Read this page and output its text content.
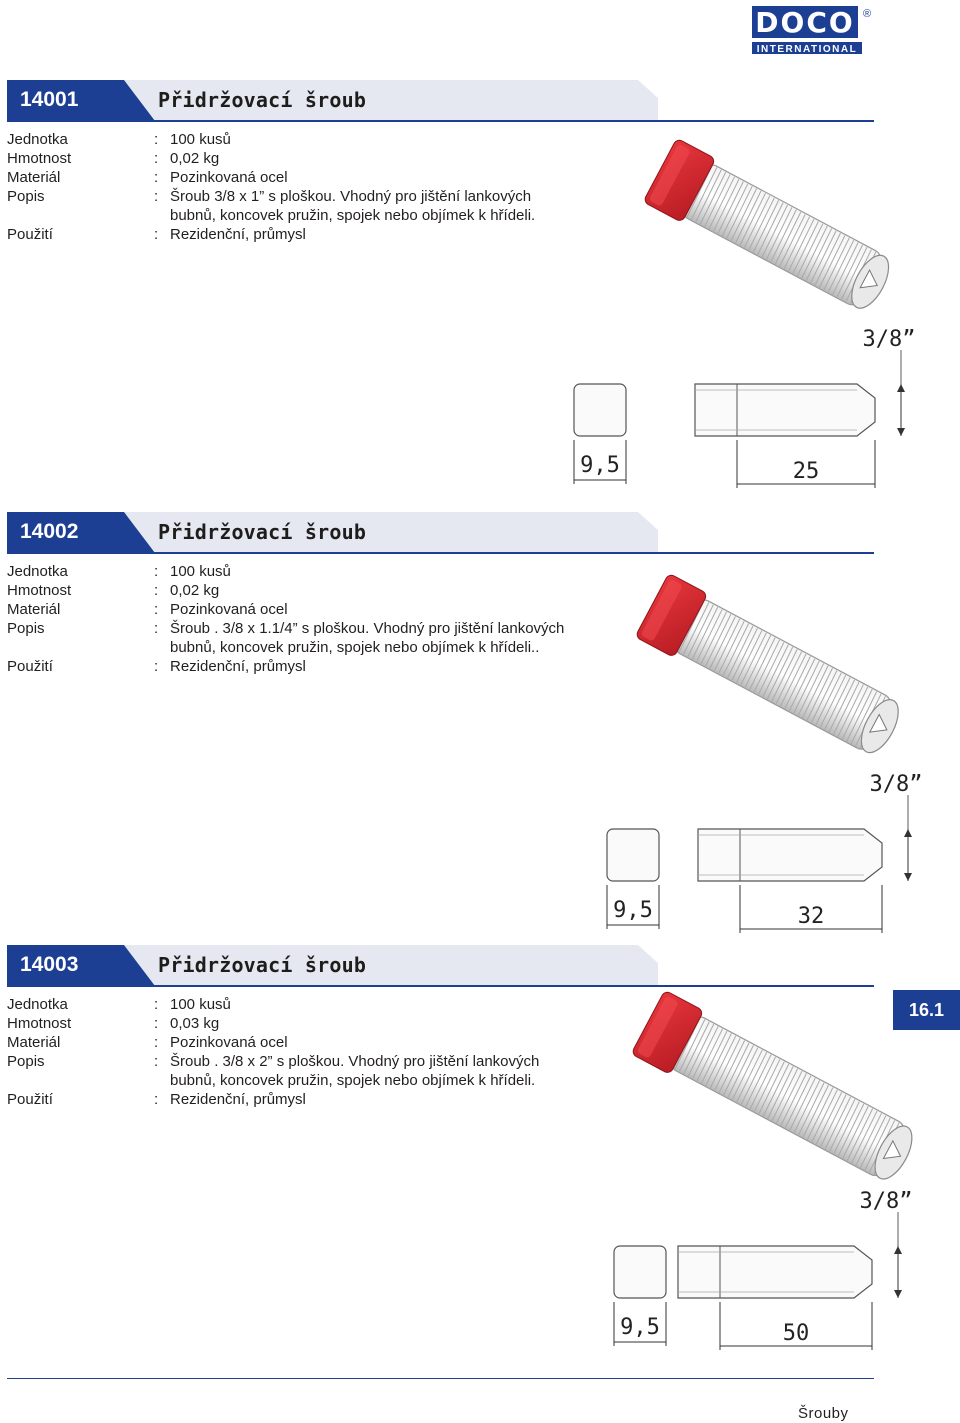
DOCO ®
INTERNATIONAL
14001	Přidržovací šroub
Jednotka	: 100 kusů
Hmotnost	: 0,02 kg
Materiál	: Pozinkovaná ocel
Popis	: Šroub 3/8 x 1” s ploškou. Vhodný pro jištění lankových
bubnů, koncovek pružin, spojek nebo objímek k hřídeli.
Použití	: Rezidenční, průmysl
14002	Přidržovací šroub
Jednotka	: 100 kusů
Hmotnost	: 0,02 kg
Materiál	: Pozinkovaná ocel
Popis	: Šroub . 3/8 x 1.1/4” s ploškou. Vhodný pro jištění lankových
bubnů, koncovek pružin, spojek nebo objímek k hřídeli..
Použití	: Rezidenční, průmysl
14003	Přidržovací šroub
Jednotka	: 100 kusů
Hmotnost	: 0,03 kg
Materiál	: Pozinkovaná ocel
Popis	: Šroub . 3/8 x 2” s ploškou. Vhodný pro jištění lankových
bubnů, koncovek pružin, spojek nebo objímek k hřídeli.
Použití	: Rezidenční, průmysl
16.1
Šrouby
9,5	25
3/8”
9,5	32
3/8”
9,5	50
3/8”
